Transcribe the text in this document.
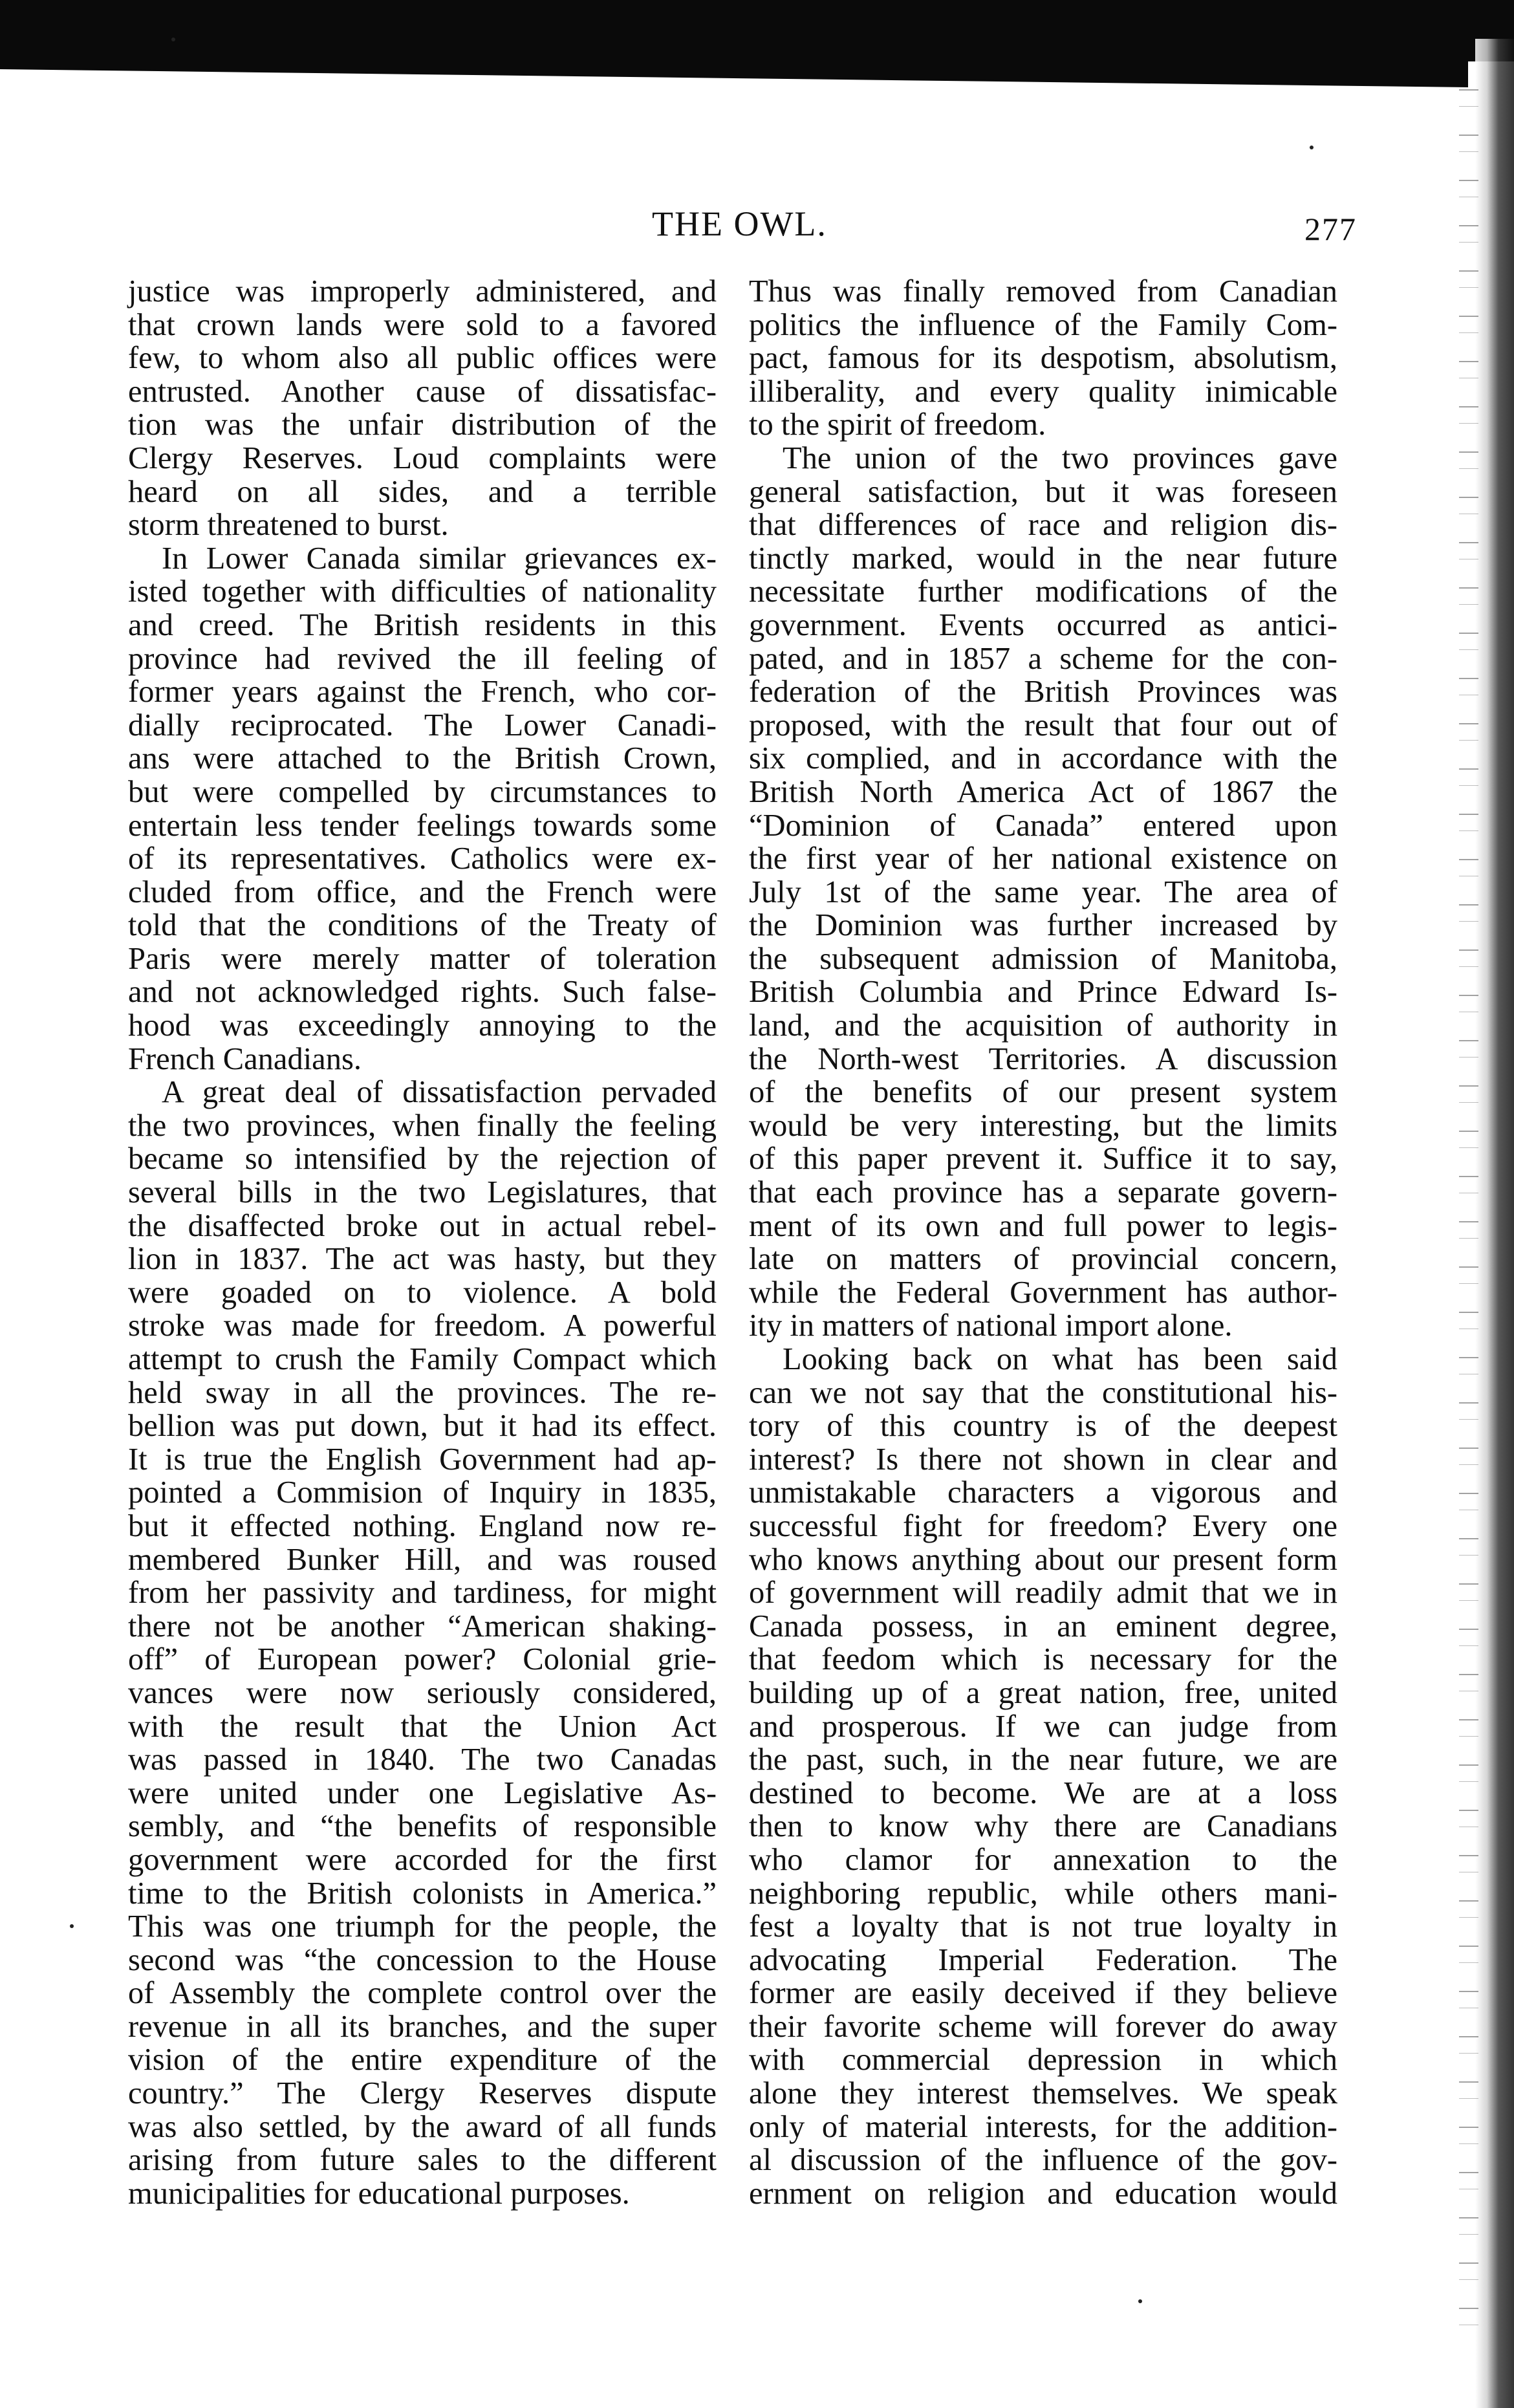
THE OWL.	277
justice was improperly administered, and
that crown lands were sold to a favored
few, to whom also all public offices were
entrusted. Another cause of dissatisfac-
tion was the unfair distribution of the
Clergy Reserves. Loud complaints were
heard on all sides, and a terrible
storm threatened to burst.
In Lower Canada similar grievances ex-
isted together with difficulties of nationality
and creed. The British residents in this
province had revived the ill feeling of
former years against the French, who cor-
dially reciprocated. The Lower Canadi-
ans were attached to the British Crown,
but were compelled by circumstances to
entertain less tender feelings towards some
of its representatives. Catholics were ex-
cluded from office, and the French were
told that the conditions of the Treaty of
Paris were merely matter of toleration
and not acknowledged rights. Such false-
hood was exceedingly annoying to the
French Canadians.
A great deal of dissatisfaction pervaded
the two provinces, when finally the feeling
became so intensified by the rejection of
several bills in the two Legislatures, that
the disaffected broke out in actual rebel-
lion in 1837. The act was hasty, but they
were goaded on to violence. A bold
stroke was made for freedom. A powerful
attempt to crush the Family Compact which
held sway in all the provinces. The re-
bellion was put down, but it had its effect.
It is true the English Government had ap-
pointed a Commision of Inquiry in 1835,
but it effected nothing. England now re-
membered Bunker Hill, and was roused
from her passivity and tardiness, for might
there not be another “American shaking-
off” of European power? Colonial grie-
vances were now seriously considered,
with the result that the Union Act
was passed in 1840. The two Canadas
were united under one Legislative As-
sembly, and “the benefits of responsible
government were accorded for the first
time to the British colonists in America.”
This was one triumph for the people, the
second was “the concession to the House
of Assembly the complete control over the
revenue in all its branches, and the super
vision of the entire expenditure of the
country.” The Clergy Reserves dispute
was also settled, by the award of all funds
arising from future sales to the different
municipalities for educational purposes.
Thus was finally removed from Canadian
politics the influence of the Family Com-
pact, famous for its despotism, absolutism,
illiberality, and every quality inimicable
to the spirit of freedom.
The union of the two provinces gave
general satisfaction, but it was foreseen
that differences of race and religion dis-
tinctly marked, would in the near future
necessitate further modifications of the
government. Events occurred as antici-
pated, and in 1857 a scheme for the con-
federation of the British Provinces was
proposed, with the result that four out of
six complied, and in accordance with the
British North America Act of 1867 the
“Dominion of Canada” entered upon
the first year of her national existence on
July 1st of the same year. The area of
the Dominion was further increased by
the subsequent admission of Manitoba,
British Columbia and Prince Edward Is-
land, and the acquisition of authority in
the North-west Territories. A discussion
of the benefits of our present system
would be very interesting, but the limits
of this paper prevent it. Suffice it to say,
that each province has a separate govern-
ment of its own and full power to legis-
late on matters of provincial concern,
while the Federal Government has author-
ity in matters of national import alone.
Looking back on what has been said
can we not say that the constitutional his-
tory of this country is of the deepest
interest? Is there not shown in clear and
unmistakable characters a vigorous and
successful fight for freedom? Every one
who knows anything about our present form
of government will readily admit that we in
Canada possess, in an eminent degree,
that feedom which is necessary for the
building up of a great nation, free, united
and prosperous. If we can judge from
the past, such, in the near future, we are
destined to become. We are at a loss
then to know why there are Canadians
who clamor for annexation to the
neighboring republic, while others mani-
fest a loyalty that is not true loyalty in
advocating Imperial Federation. The
former are easily deceived if they believe
their favorite scheme will forever do away
with commercial depression in which
alone they interest themselves. We speak
only of material interests, for the addition-
al discussion of the influence of the gov-
ernment on religion and education would
